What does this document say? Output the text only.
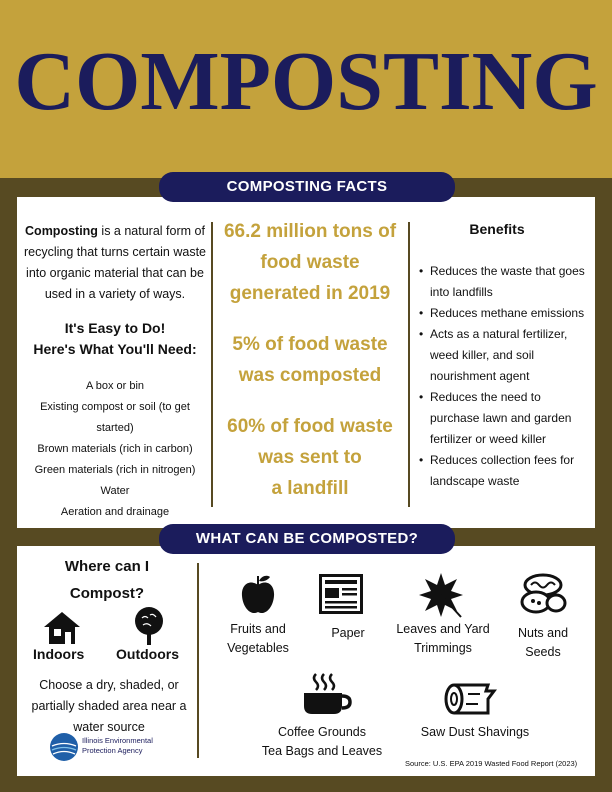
COMPOSTING
COMPOSTING FACTS
Composting is a natural form of recycling that turns certain waste into organic material that can be used in a variety of ways.
It's Easy to Do!
Here's What You'll Need:
A box or bin
Existing compost or soil (to get started)
Brown materials (rich in carbon)
Green materials (rich in nitrogen)
Water
Aeration and drainage
66.2 million tons of
food waste
generated in 2019
5% of food waste
was composted
60% of food waste
was sent to
a landfill
Benefits
• Reduces the waste that goes into landfills
• Reduces methane emissions
• Acts as a natural fertilizer, weed killer, and soil nourishment agent
• Reduces the need to purchase lawn and garden fertilizer or weed killer
• Reduces collection fees for landscape waste
WHAT CAN BE COMPOSTED?
Where can I
Compost?
Indoors Outdoors
Choose a dry, shaded, or partially shaded area near a water source
Illinois Environmental
Protection Agency
Fruits and
Vegetables
Paper	Leaves and Yard
Trimmings
Nuts and
Seeds
Coffee Grounds
Tea Bags and Leaves
Saw Dust Shavings
Source: U.S. EPA 2019 Wasted Food Report (2023)
